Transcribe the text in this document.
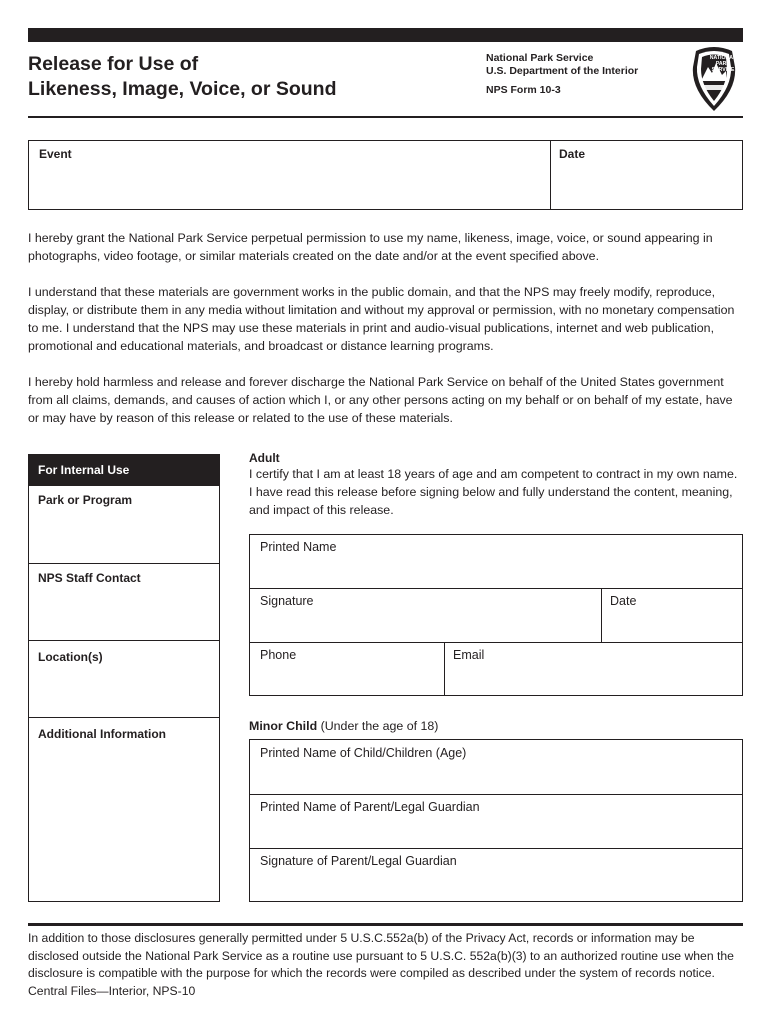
Release for Use of
Likeness, Image, Voice, or Sound
National Park Service
U.S. Department of the Interior
NPS Form 10-3
NATIONAL
PARK
SERVICE
Event	Date
I hereby grant the National Park Service perpetual permission to use my name, likeness, image, voice, or sound appearing in photographs, video footage, or similar materials created on the date and/or at the event specified above.
I understand that these materials are government works in the public domain, and that the NPS may freely modify, reproduce, display, or distribute them in any media without limitation and without my approval or permission, with no monetary compensation to me. I understand that the NPS may use these materials in print and audio-visual publications, internet and web publication, promotional and educational materials, and broadcast or distance learning programs.
I hereby hold harmless and release and forever discharge the National Park Service on behalf of the United States government from all claims, demands, and causes of action which I, or any other persons acting on my behalf or on behalf of my estate, have or may have by reason of this release or related to the use of these materials.
For Internal Use
Park or Program
NPS Staff Contact
Location(s)
Additional Information
Adult
I certify that I am at least 18 years of age and am competent to contract in my own name. I have read this release before signing below and fully understand the content, meaning, and impact of this release.
Printed Name
Signature	Date
Phone	Email
Minor Child (Under the age of 18)
Printed Name of Child/Children (Age)
Printed Name of Parent/Legal Guardian
Signature of Parent/Legal Guardian
In addition to those disclosures generally permitted under 5 U.S.C.552a(b) of the Privacy Act, records or information may be disclosed outside the National Park Service as a routine use pursuant to 5 U.S.C. 552a(b)(3) to an authorized routine use when the disclosure is compatible with the purpose for which the records were compiled as described under the system of records notice. Central Files—Interior, NPS-10
